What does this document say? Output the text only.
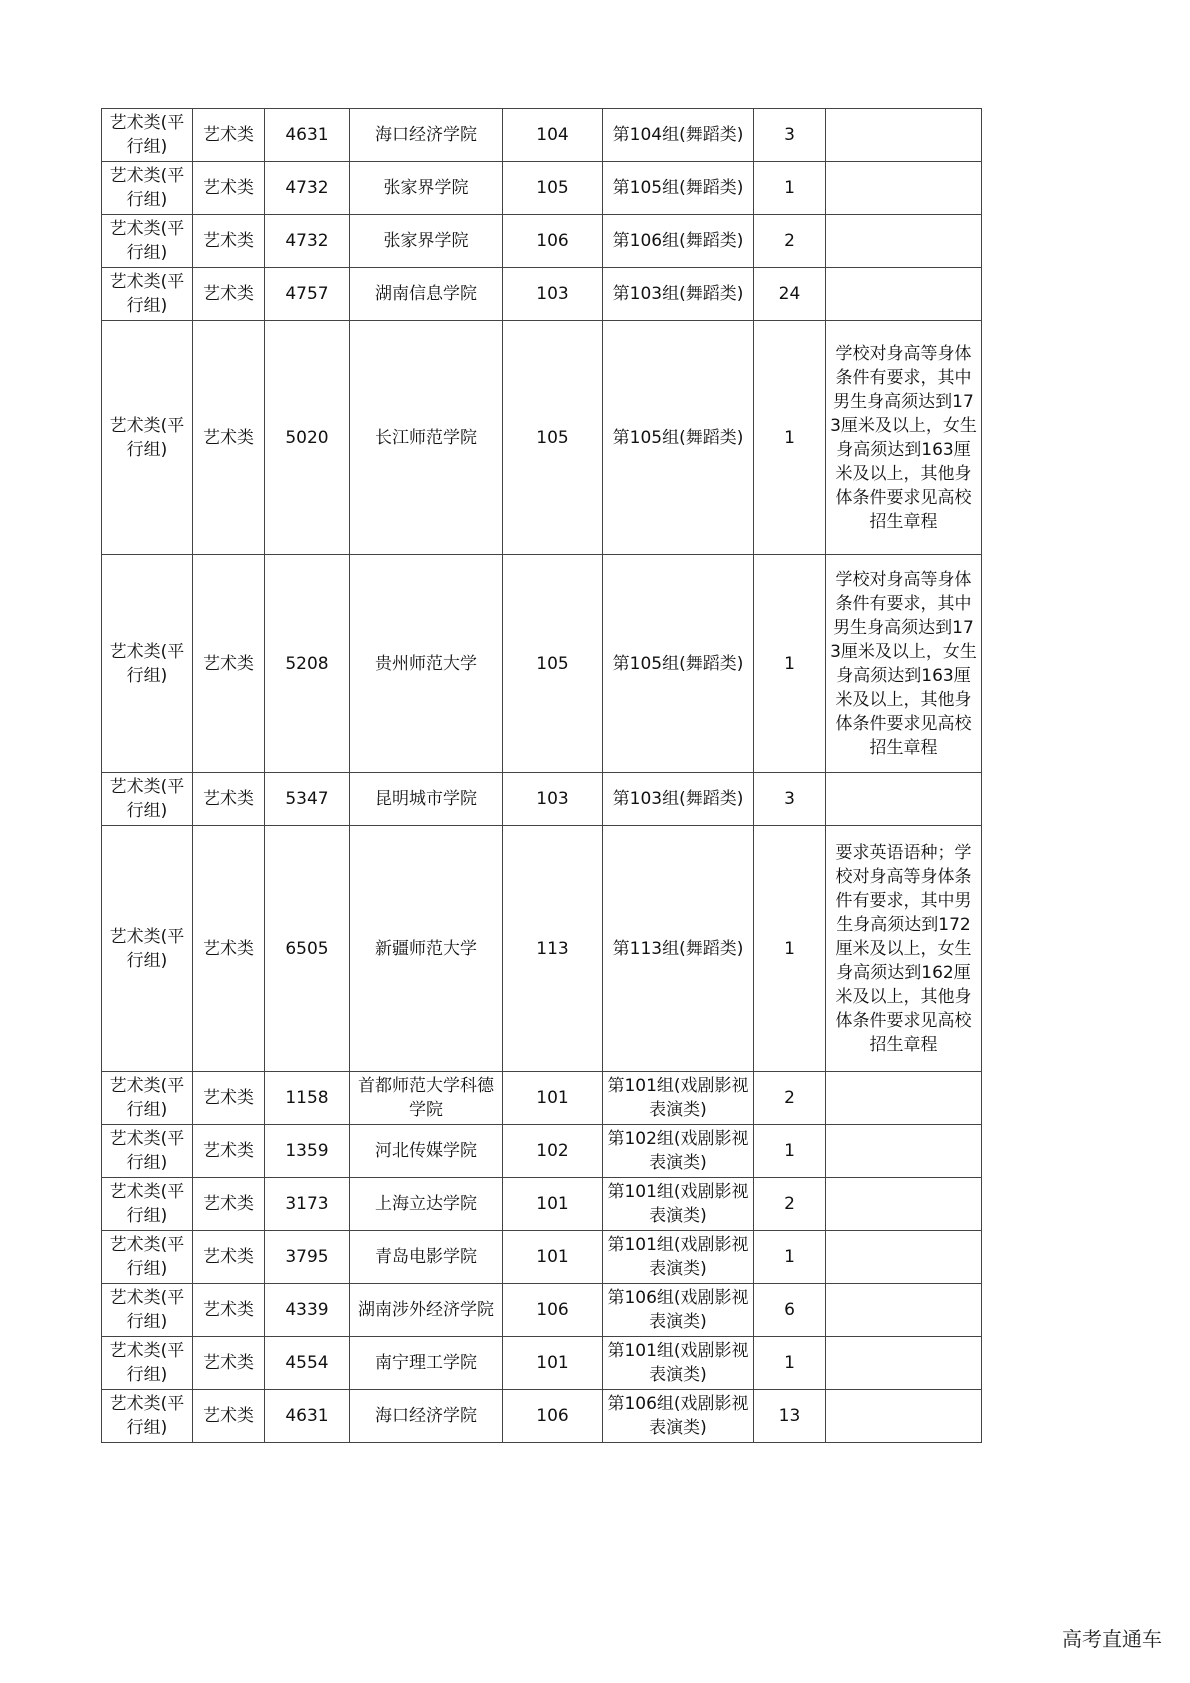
艺术类(平行组)	艺术类	4631	海口经济学院	104	第104组(舞蹈类)	3	
艺术类(平行组)	艺术类	4732	张家界学院	105	第105组(舞蹈类)	1	
艺术类(平行组)	艺术类	4732	张家界学院	106	第106组(舞蹈类)	2	
艺术类(平行组)	艺术类	4757	湖南信息学院	103	第103组(舞蹈类)	24	
艺术类(平行组)	艺术类	5020	长江师范学院	105	第105组(舞蹈类)	1	学校对身高等身体条件有要求，其中男生身高须达到173厘米及以上，女生身高须达到163厘米及以上，其他身体条件要求见高校招生章程
艺术类(平行组)	艺术类	5208	贵州师范大学	105	第105组(舞蹈类)	1	学校对身高等身体条件有要求，其中男生身高须达到173厘米及以上，女生身高须达到163厘米及以上，其他身体条件要求见高校招生章程
艺术类(平行组)	艺术类	5347	昆明城市学院	103	第103组(舞蹈类)	3	
艺术类(平行组)	艺术类	6505	新疆师范大学	113	第113组(舞蹈类)	1	要求英语语种；学校对身高等身体条件有要求，其中男生身高须达到172厘米及以上，女生身高须达到162厘米及以上，其他身体条件要求见高校招生章程
艺术类(平行组)	艺术类	1158	首都师范大学科德学院	101	第101组(戏剧影视表演类)	2	
艺术类(平行组)	艺术类	1359	河北传媒学院	102	第102组(戏剧影视表演类)	1	
艺术类(平行组)	艺术类	3173	上海立达学院	101	第101组(戏剧影视表演类)	2	
艺术类(平行组)	艺术类	3795	青岛电影学院	101	第101组(戏剧影视表演类)	1	
艺术类(平行组)	艺术类	4339	湖南涉外经济学院	106	第106组(戏剧影视表演类)	6	
艺术类(平行组)	艺术类	4554	南宁理工学院	101	第101组(戏剧影视表演类)	1	
艺术类(平行组)	艺术类	4631	海口经济学院	106	第106组(戏剧影视表演类)	13	
高考直通车
